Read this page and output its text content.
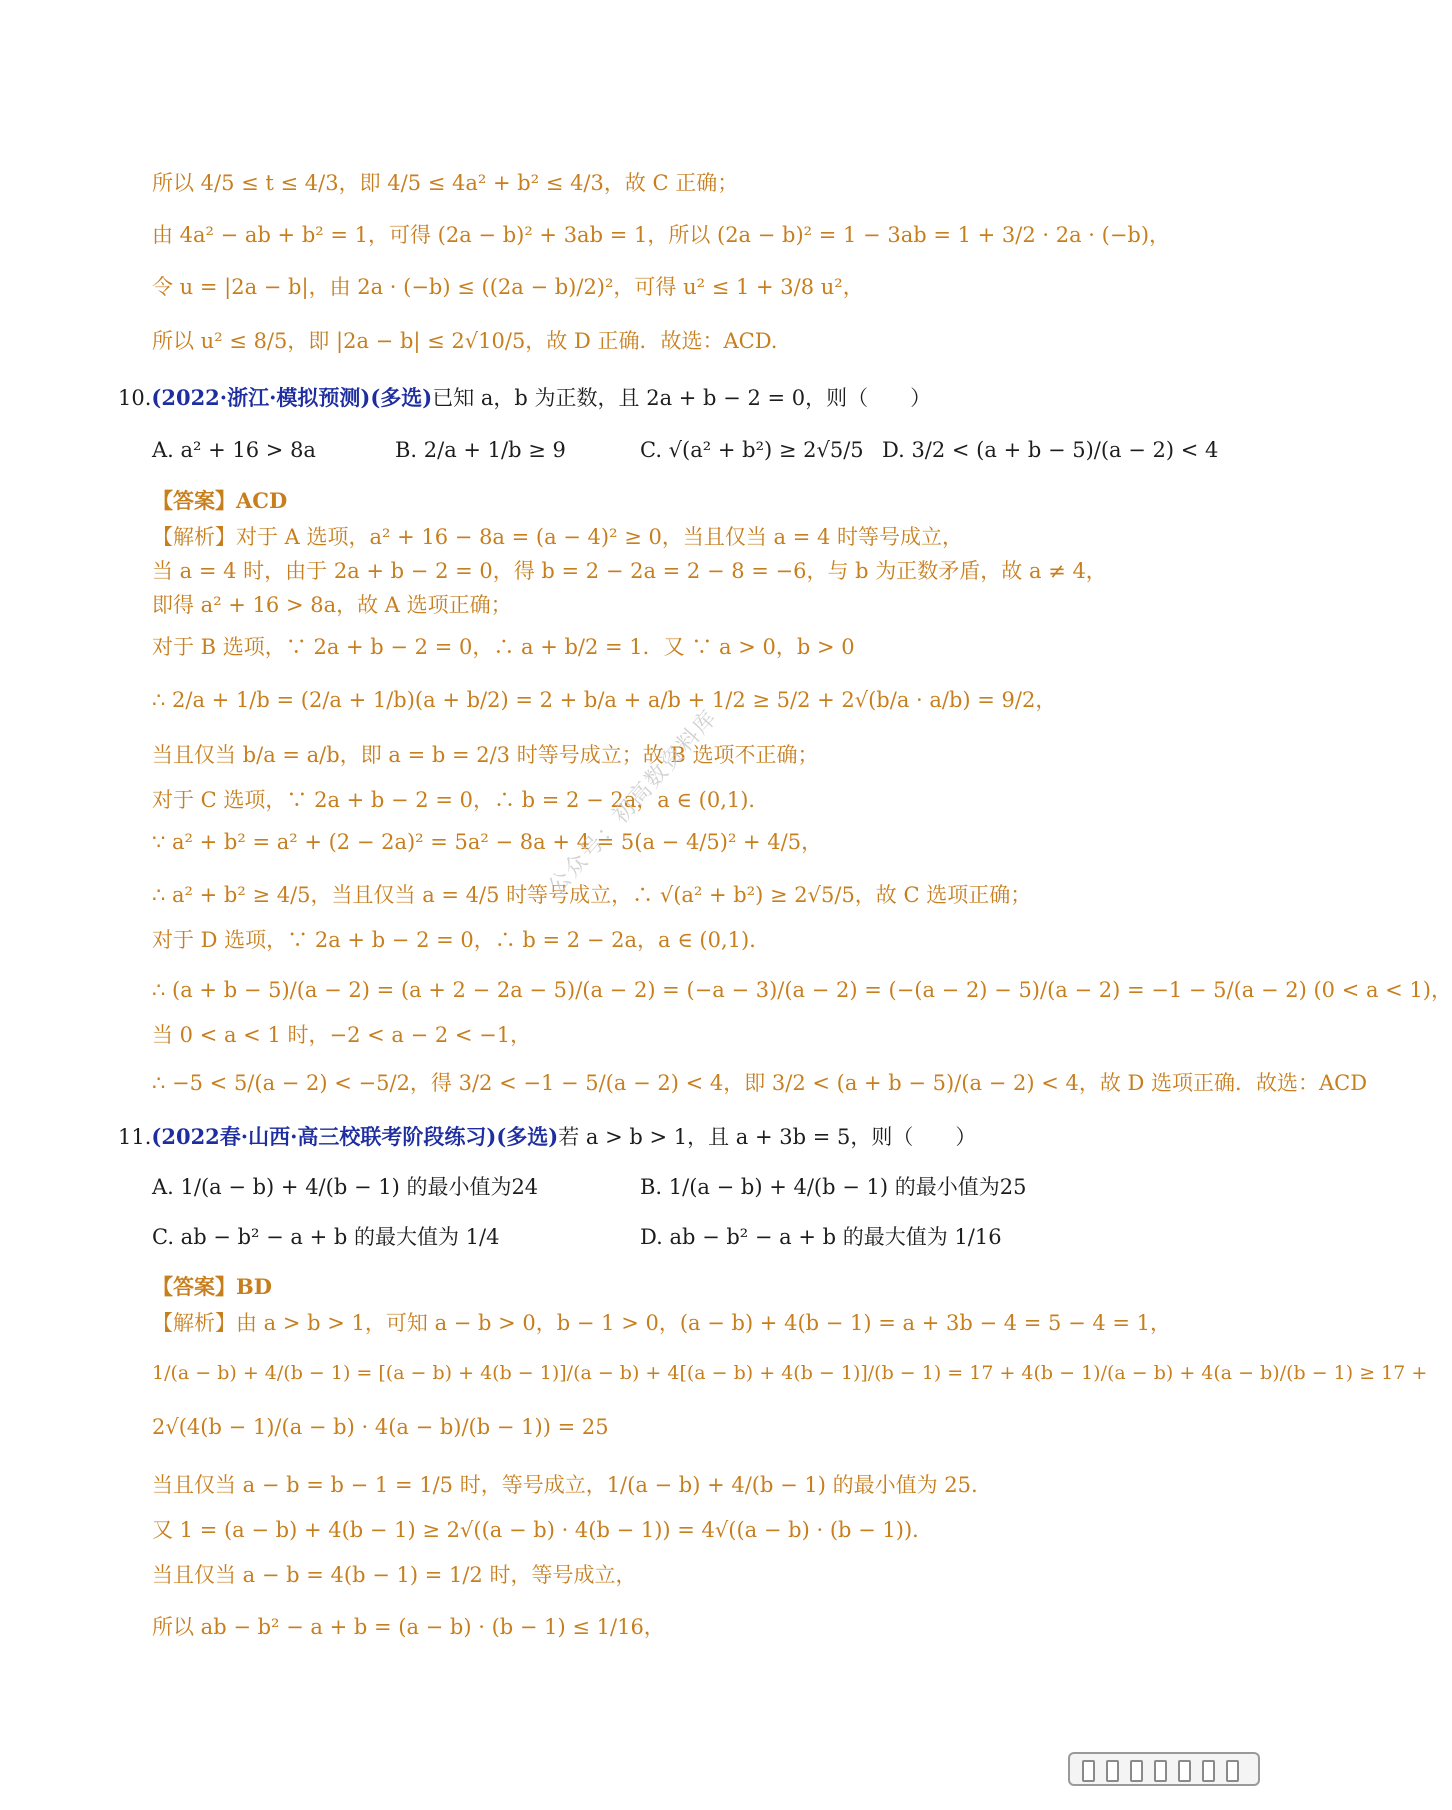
所以 4/5 ≤ t ≤ 4/3，即 4/5 ≤ 4a² + b² ≤ 4/3，故 C 正确；
由 4a² − ab + b² = 1，可得 (2a − b)² + 3ab = 1，所以 (2a − b)² = 1 − 3ab = 1 + 3/2 · 2a · (−b)，
令 u = |2a − b|，由 2a · (−b) ≤ ((2a − b)/2)²，可得 u² ≤ 1 + 3/8 u²，
所以 u² ≤ 8/5，即 |2a − b| ≤ 2√10/5，故 D 正确．故选：ACD.
10.(2022·浙江·模拟预测)(多选)已知 a，b 为正数，且 2a + b − 2 = 0，则（　　）
A. a² + 16 > 8a	B. 2/a + 1/b ≥ 9	C. √(a² + b²) ≥ 2√5/5 D. 3/2 < (a + b − 5)/(a − 2) < 4
【答案】ACD
【解析】对于 A 选项，a² + 16 − 8a = (a − 4)² ≥ 0，当且仅当 a = 4 时等号成立，
当 a = 4 时，由于 2a + b − 2 = 0，得 b = 2 − 2a = 2 − 8 = −6，与 b 为正数矛盾，故 a ≠ 4，
即得 a² + 16 > 8a，故 A 选项正确；
对于 B 选项，∵ 2a + b − 2 = 0，∴ a + b/2 = 1．又 ∵ a > 0，b > 0
∴ 2/a + 1/b = (2/a + 1/b)(a + b/2) = 2 + b/a + a/b + 1/2 ≥ 5/2 + 2√(b/a · a/b) = 9/2，
当且仅当 b/a = a/b，即 a = b = 2/3 时等号成立；故 B 选项不正确；
对于 C 选项，∵ 2a + b − 2 = 0，∴ b = 2 − 2a，a ∈ (0,1)．
∵ a² + b² = a² + (2 − 2a)² = 5a² − 8a + 4 = 5(a − 4/5)² + 4/5，
∴ a² + b² ≥ 4/5，当且仅当 a = 4/5 时等号成立，∴ √(a² + b²) ≥ 2√5/5，故 C 选项正确；
对于 D 选项，∵ 2a + b − 2 = 0，∴ b = 2 − 2a，a ∈ (0,1)．
∴ (a + b − 5)/(a − 2) = (a + 2 − 2a − 5)/(a − 2) = (−a − 3)/(a − 2) = (−(a − 2) − 5)/(a − 2) = −1 − 5/(a − 2) (0 < a < 1)，
当 0 < a < 1 时，−2 < a − 2 < −1，
∴ −5 < 5/(a − 2) < −5/2，得 3/2 < −1 − 5/(a − 2) < 4，即 3/2 < (a + b − 5)/(a − 2) < 4，故 D 选项正确．故选：ACD
11.(2022春·山西·高三校联考阶段练习)(多选)若 a > b > 1，且 a + 3b = 5，则（　　）
A. 1/(a − b) + 4/(b − 1) 的最小值为24	B. 1/(a − b) + 4/(b − 1) 的最小值为25
C. ab − b² − a + b 的最大值为 1/4	D. ab − b² − a + b 的最大值为 1/16
【答案】BD
【解析】由 a > b > 1，可知 a − b > 0，b − 1 > 0，(a − b) + 4(b − 1) = a + 3b − 4 = 5 − 4 = 1，
1/(a − b) + 4/(b − 1) = [(a − b) + 4(b − 1)]/(a − b) + 4[(a − b) + 4(b − 1)]/(b − 1) = 17 + 4(b − 1)/(a − b) + 4(a − b)/(b − 1) ≥ 17 +
2√(4(b − 1)/(a − b) · 4(a − b)/(b − 1)) = 25
当且仅当 a − b = b − 1 = 1/5 时，等号成立，1/(a − b) + 4/(b − 1) 的最小值为 25.
又 1 = (a − b) + 4(b − 1) ≥ 2√((a − b) · 4(b − 1)) = 4√((a − b) · (b − 1))．
当且仅当 a − b = 4(b − 1) = 1/2 时，等号成立，
所以 ab − b² − a + b = (a − b) · (b − 1) ≤ 1/16，
公众号：初高数资料库
